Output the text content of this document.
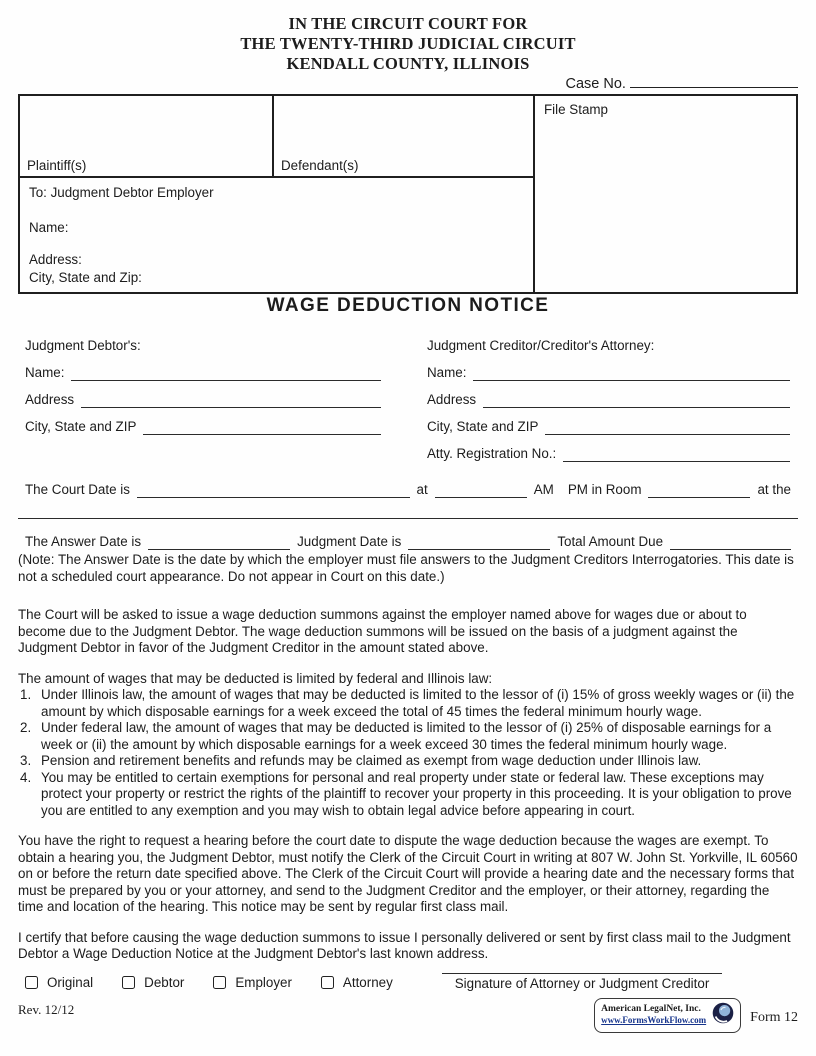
IN THE CIRCUIT COURT FOR
THE TWENTY-THIRD JUDICIAL CIRCUIT
KENDALL COUNTY, ILLINOIS
Case No.
Plaintiff(s)	Defendant(s)
To: Judgment Debtor Employer
Name:
Address:
City, State and Zip:
File Stamp
WAGE DEDUCTION NOTICE
Judgment Debtor's:
Name:
Address
City, State and ZIP
Judgment Creditor/Creditor's Attorney:
Name:
Address
City, State and ZIP
Atty. Registration No.:
The Court Date is	at	AM PM in Room	at the
The Answer Date is	Judgment Date is	Total Amount Due
(Note: The Answer Date is the date by which the employer must file answers to the Judgment Creditors Interrogatories. This date is not a scheduled court appearance. Do not appear in Court on this date.)
The Court will be asked to issue a wage deduction summons against the employer named above for wages due or about to become due to the Judgment Debtor. The wage deduction summons will be issued on the basis of a judgment against the Judgment Debtor in favor of the Judgment Creditor in the amount stated above.
The amount of wages that may be deducted is limited by federal and Illinois law:
1. Under Illinois law, the amount of wages that may be deducted is limited to the lessor of (i) 15% of gross weekly wages or (ii) the amount by which disposable earnings for a week exceed the total of 45 times the federal minimum hourly wage.
2. Under federal law, the amount of wages that may be deducted is limited to the lessor of (i) 25% of disposable earnings for a week or (ii) the amount by which disposable earnings for a week exceed 30 times the federal minimum hourly wage.
3. Pension and retirement benefits and refunds may be claimed as exempt from wage deduction under Illinois law.
4. You may be entitled to certain exemptions for personal and real property under state or federal law. These exceptions may protect your property or restrict the rights of the plaintiff to recover your property in this proceeding. It is your obligation to prove you are entitled to any exemption and you may wish to obtain legal advice before appearing in court.
You have the right to request a hearing before the court date to dispute the wage deduction because the wages are exempt. To obtain a hearing you, the Judgment Debtor, must notify the Clerk of the Circuit Court in writing at 807 W. John St. Yorkville, IL 60560 on or before the return date specified above. The Clerk of the Circuit Court will provide a hearing date and the necessary forms that must be prepared by you or your attorney, and send to the Judgment Creditor and the employer, or their attorney, regarding the time and location of the hearing. This notice may be sent by regular first class mail.
I certify that before causing the wage deduction summons to issue I personally delivered or sent by first class mail to the Judgment Debtor a Wage Deduction Notice at the Judgment Debtor's last known address.
Original	Debtor	Employer	Attorney	Signature of Attorney or Judgment Creditor
Rev. 12/12	American LegalNet, Inc.
www.FormsWorkFlow.com	Form 12
